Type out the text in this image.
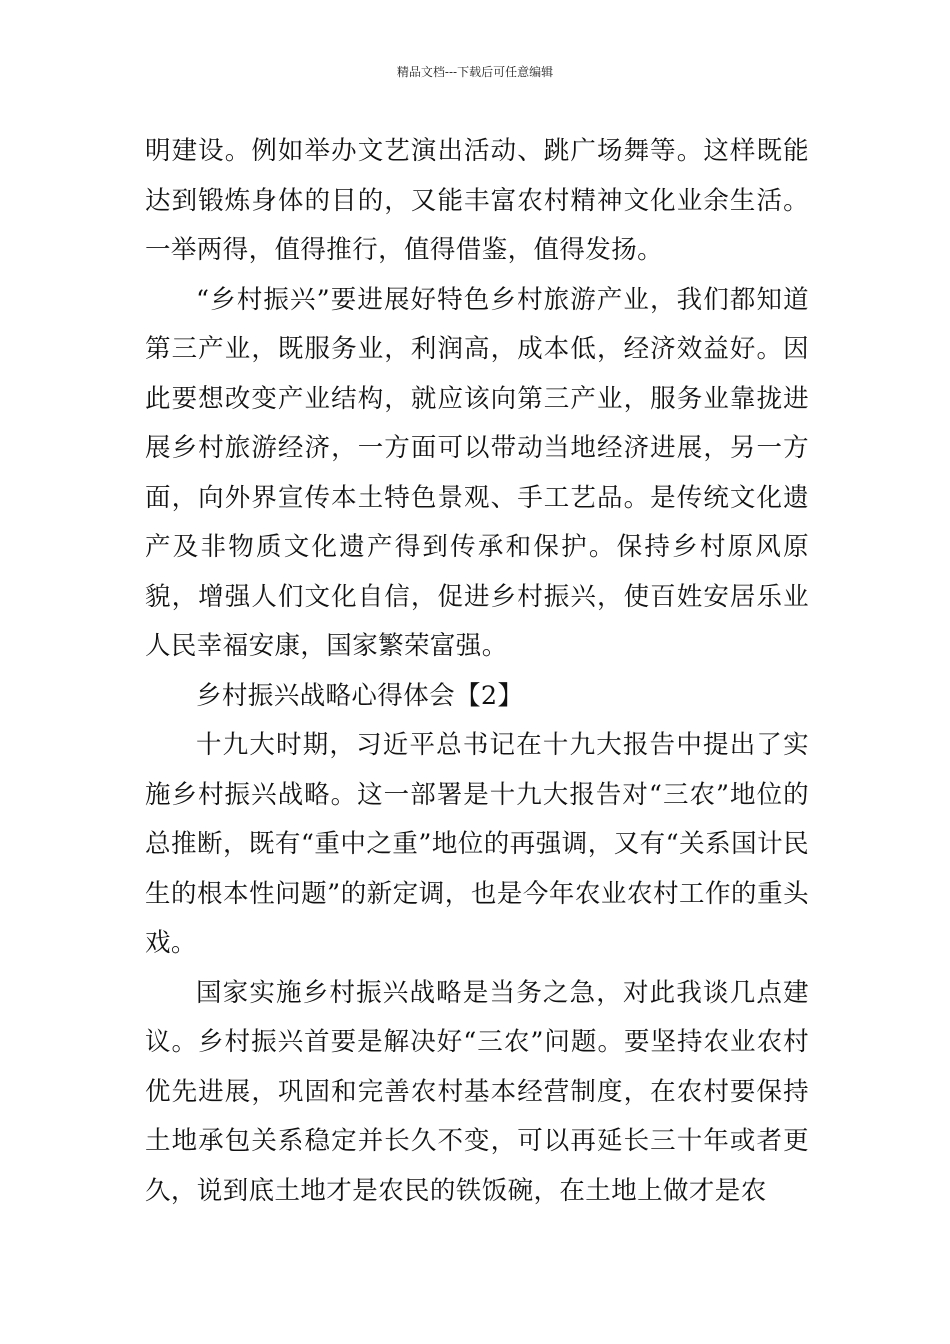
精品文档---下载后可任意编辑

明建设。例如举办文艺演出活动、跳广场舞等。这样既能达到锻炼身体的目的，又能丰富农村精神文化业余生活。一举两得，值得推行，值得借鉴，值得发扬。

“乡村振兴”要进展好特色乡村旅游产业，我们都知道第三产业，既服务业，利润高，成本低，经济效益好。因此要想改变产业结构，就应该向第三产业，服务业靠拢进展乡村旅游经济，一方面可以带动当地经济进展，另一方面，向外界宣传本土特色景观、手工艺品。是传统文化遗产及非物质文化遗产得到传承和保护。保持乡村原风原貌，增强人们文化自信，促进乡村振兴，使百姓安居乐业人民幸福安康，国家繁荣富强。

乡村振兴战略心得体会【2】

十九大时期，习近平总书记在十九大报告中提出了实施乡村振兴战略。这一部署是十九大报告对“三农”地位的总推断，既有“重中之重”地位的再强调，又有“关系国计民生的根本性问题”的新定调，也是今年农业农村工作的重头戏。

国家实施乡村振兴战略是当务之急，对此我谈几点建议。乡村振兴首要是解决好“三农”问题。要坚持农业农村优先进展，巩固和完善农村基本经营制度，在农村要保持土地承包关系稳定并长久不变，可以再延长三十年或者更久，说到底土地才是农民的铁饭碗，在土地上做才是农
